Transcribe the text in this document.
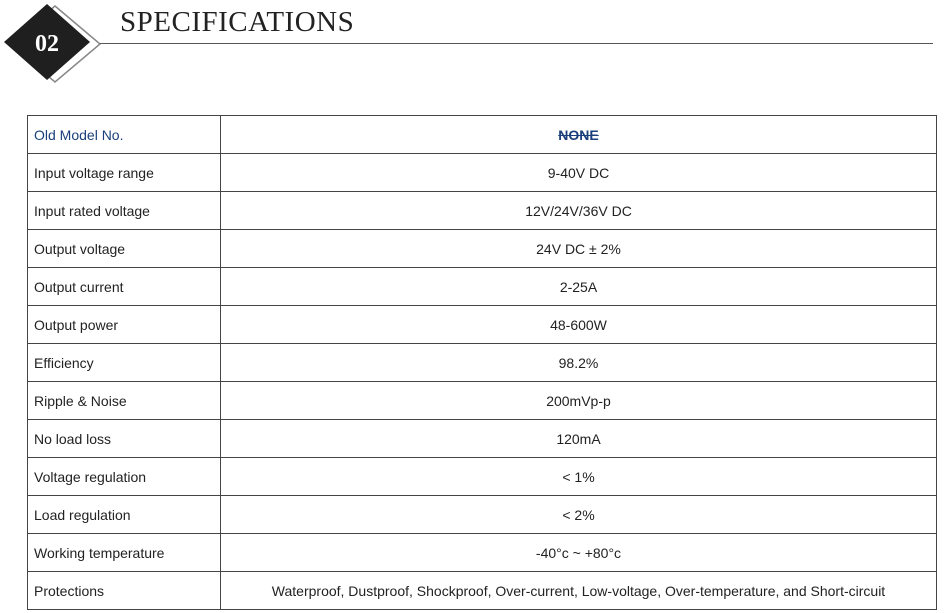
02
SPECIFICATIONS
Old Model No.	NONE
Input voltage range	9-40V DC
Input rated voltage	12V/24V/36V DC
Output voltage	24V DC ± 2%
Output current	2-25A
Output power	48-600W
Efficiency	98.2%
Ripple & Noise	200mVp-p
No load loss	120mA
Voltage regulation	< 1%
Load regulation	< 2%
Working temperature	-40°c ~ +80°c
Protections	Waterproof, Dustproof, Shockproof, Over-current, Low-voltage, Over-temperature, and Short-circuit
